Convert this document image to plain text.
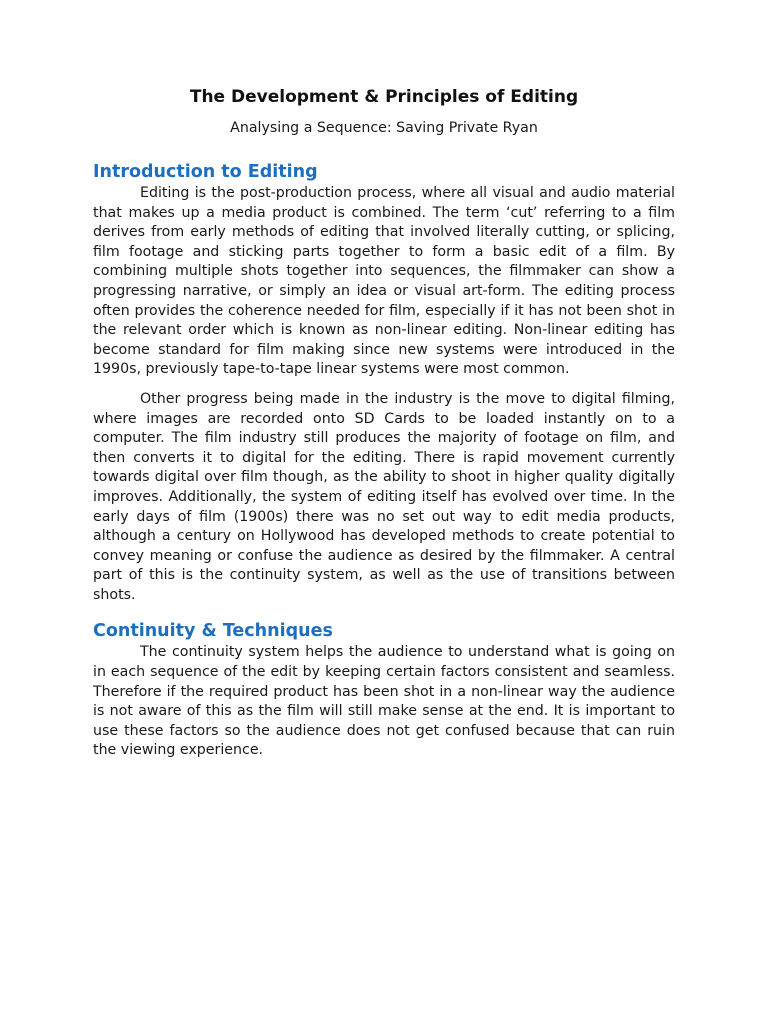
The Development & Principles of Editing

Analysing a Sequence: Saving Private Ryan

Introduction to Editing

Editing is the post-production process, where all visual and audio material that makes up a media product is combined. The term ‘cut’ referring to a film derives from early methods of editing that involved literally cutting, or splicing, film footage and sticking parts together to form a basic edit of a film. By combining multiple shots together into sequences, the filmmaker can show a progressing narrative, or simply an idea or visual art-form. The editing process often provides the coherence needed for film, especially if it has not been shot in the relevant order which is known as non-linear editing. Non-linear editing has become standard for film making since new systems were introduced in the 1990s, previously tape-to-tape linear systems were most common.

Other progress being made in the industry is the move to digital filming, where images are recorded onto SD Cards to be loaded instantly on to a computer. The film industry still produces the majority of footage on film, and then converts it to digital for the editing. There is rapid movement currently towards digital over film though, as the ability to shoot in higher quality digitally improves. Additionally, the system of editing itself has evolved over time. In the early days of film (1900s) there was no set out way to edit media products, although a century on Hollywood has developed methods to create potential to convey meaning or confuse the audience as desired by the filmmaker. A central part of this is the continuity system, as well as the use of transitions between shots.

Continuity & Techniques

The continuity system helps the audience to understand what is going on in each sequence of the edit by keeping certain factors consistent and seamless. Therefore if the required product has been shot in a non-linear way the audience is not aware of this as the film will still make sense at the end. It is important to use these factors so the audience does not get confused because that can ruin the viewing experience.
